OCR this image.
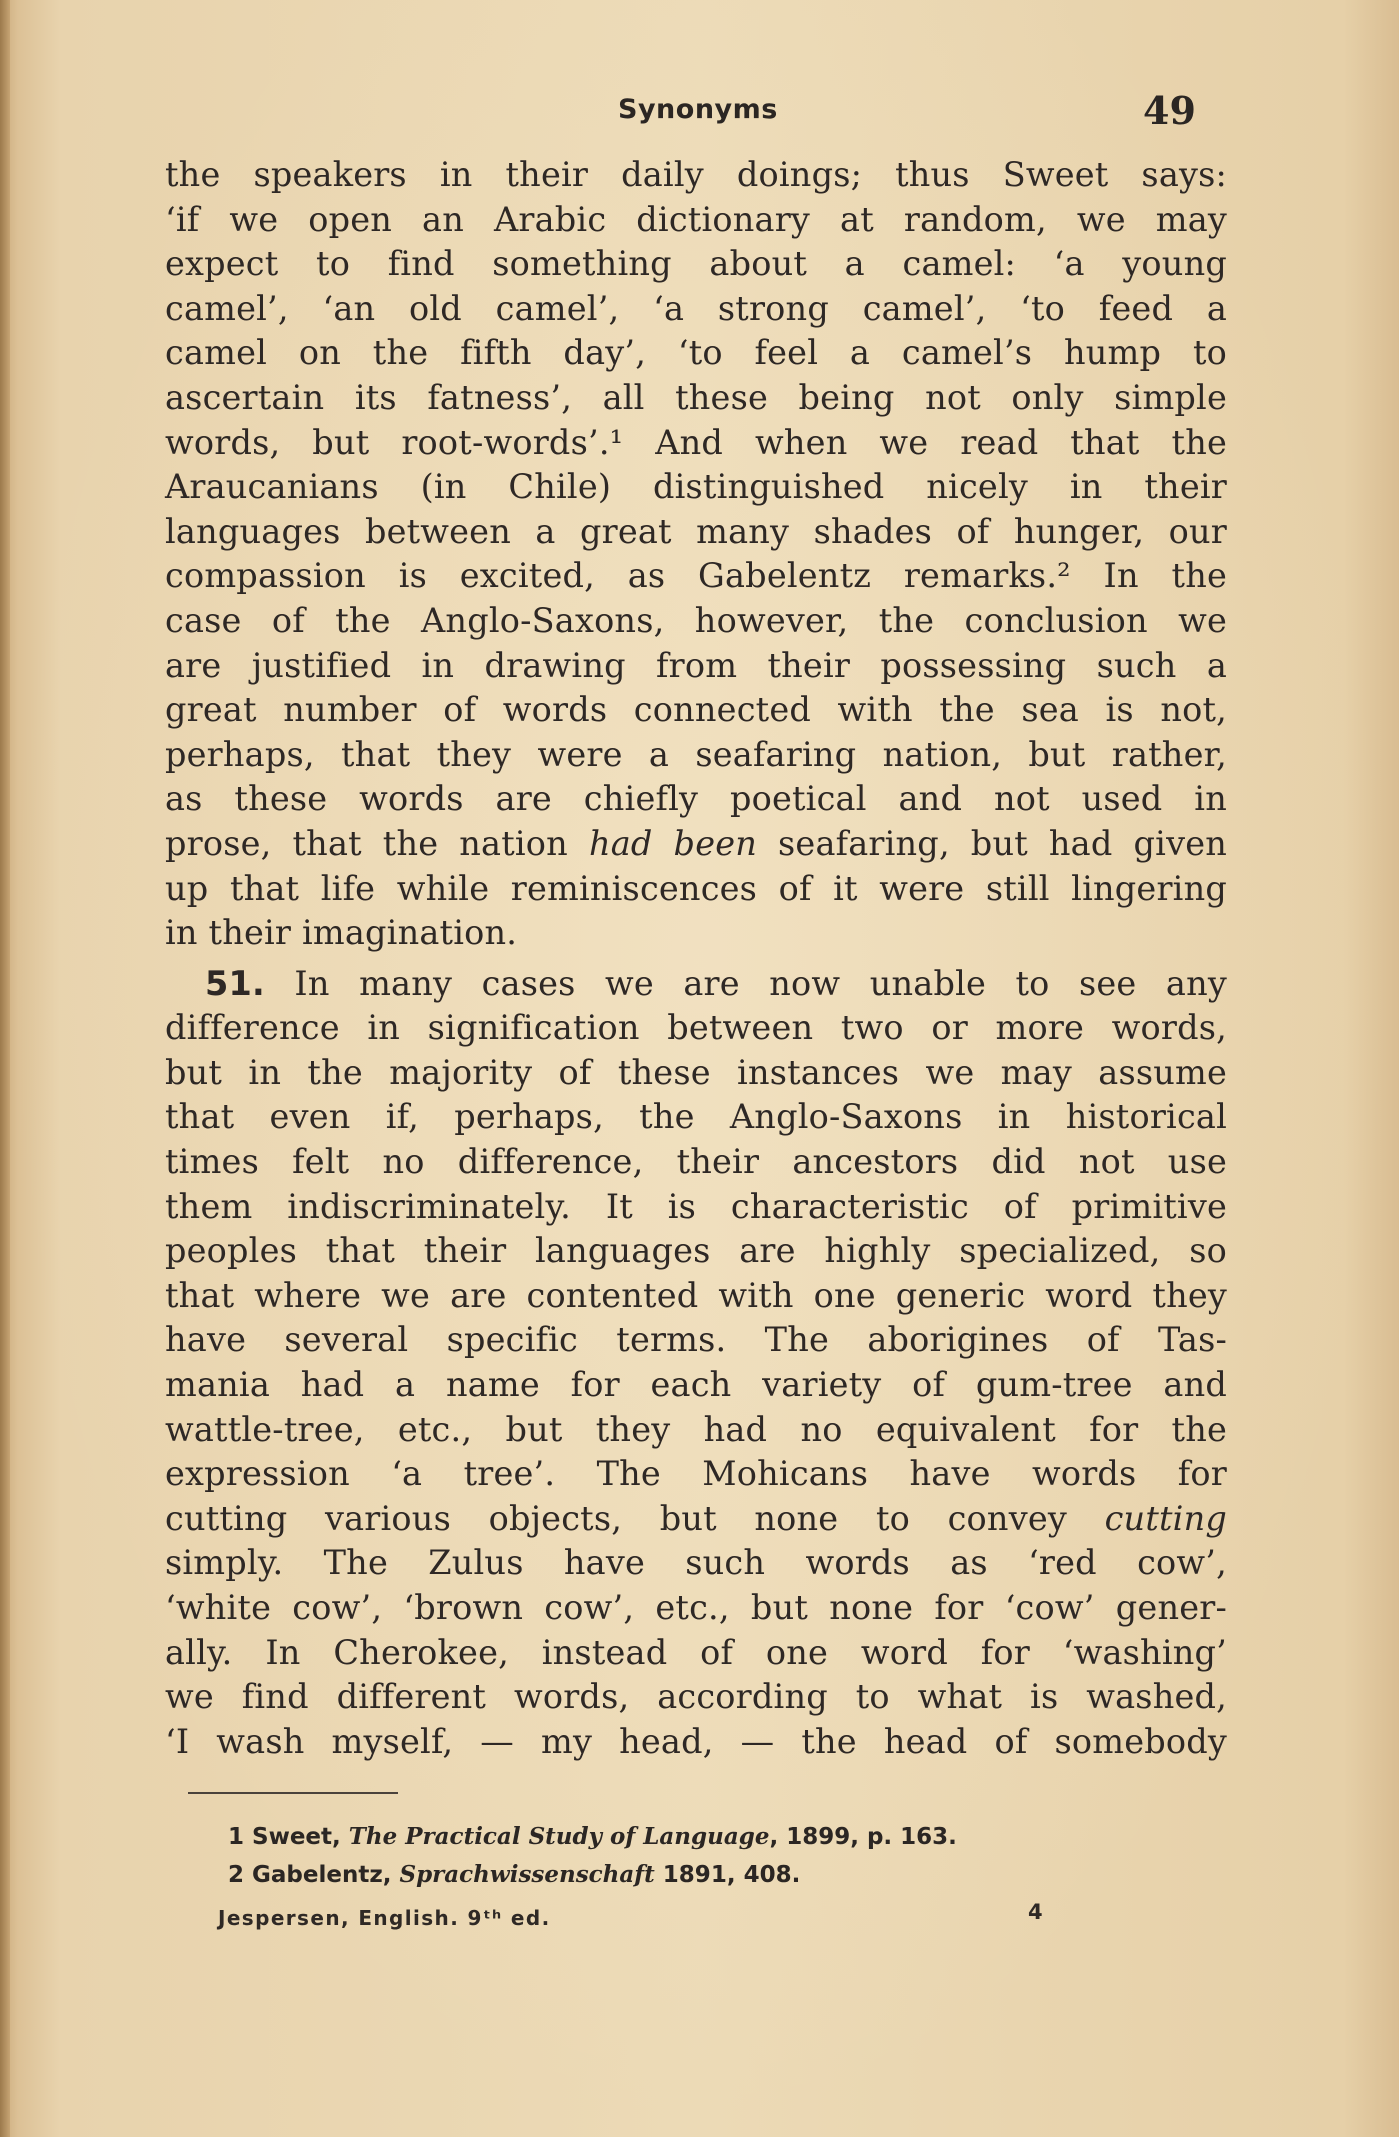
Synonyms	49
the speakers in their daily doings; thus Sweet says:
‘if we open an Arabic dictionary at random, we may
expect to find something about a camel: ‘a young
camel’, ‘an old camel’, ‘a strong camel’, ‘to feed a
camel on the fifth day’, ‘to feel a camel’s hump to
ascertain its fatness’, all these being not only simple
words, but root-words’.¹ And when we read that the
Araucanians (in Chile) distinguished nicely in their
languages between a great many shades of hunger, our
compassion is excited, as Gabelentz remarks.² In the
case of the Anglo-Saxons, however, the conclusion we
are justified in drawing from their possessing such a
great number of words connected with the sea is not,
perhaps, that they were a seafaring nation, but rather,
as these words are chiefly poetical and not used in
prose, that the nation had been seafaring, but had given
up that life while reminiscences of it were still lingering
in their imagination.
51. In many cases we are now unable to see any
difference in signification between two or more words,
but in the majority of these instances we may assume
that even if, perhaps, the Anglo-Saxons in historical
times felt no difference, their ancestors did not use
them indiscriminately. It is characteristic of primitive
peoples that their languages are highly specialized, so
that where we are contented with one generic word they
have several specific terms. The aborigines of Tas-
mania had a name for each variety of gum-tree and
wattle-tree, etc., but they had no equivalent for the
expression ‘a tree’. The Mohicans have words for
cutting various objects, but none to convey cutting
simply. The Zulus have such words as ‘red cow’,
‘white cow’, ‘brown cow’, etc., but none for ‘cow’ gener-
ally. In Cherokee, instead of one word for ‘washing’
we find different words, according to what is washed,
‘I wash myself, — my head, — the head of somebody
1 Sweet, The Practical Study of Language, 1899, p. 163.
2 Gabelentz, Sprachwissenschaft 1891, 408.
Jespersen, English. 9ᵗʰ ed.	4
